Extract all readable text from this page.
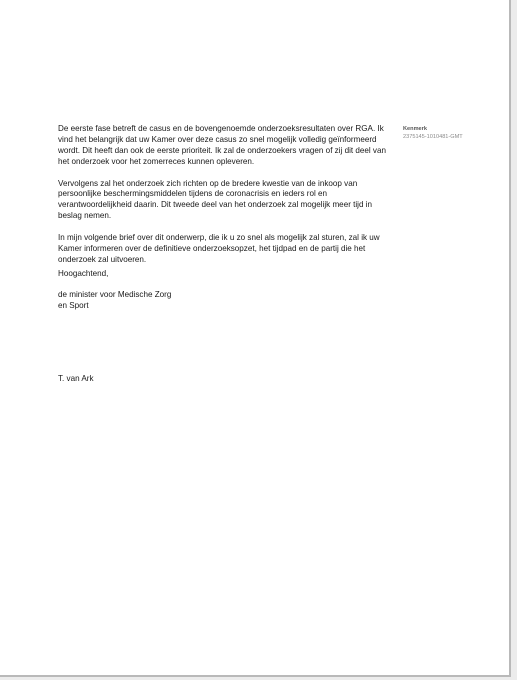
Kenmerk
2375145-1010481-GMT

De eerste fase betreft de casus en de bovengenoemde onderzoeksresultaten over RGA. Ik vind het belangrijk dat uw Kamer over deze casus zo snel mogelijk volledig geïnformeerd wordt. Dit heeft dan ook de eerste prioriteit. Ik zal de onderzoekers vragen of zij dit deel van het onderzoek voor het zomerreces kunnen opleveren.

Vervolgens zal het onderzoek zich richten op de bredere kwestie van de inkoop van persoonlijke beschermingsmiddelen tijdens de coronacrisis en ieders rol en verantwoordelijkheid daarin. Dit tweede deel van het onderzoek zal mogelijk meer tijd in beslag nemen.

In mijn volgende brief over dit onderwerp, die ik u zo snel als mogelijk zal sturen, zal ik uw Kamer informeren over de definitieve onderzoeksopzet, het tijdpad en de partij die het onderzoek zal uitvoeren.

Hoogachtend,
de minister voor Medische Zorg
en Sport
T. van Ark
